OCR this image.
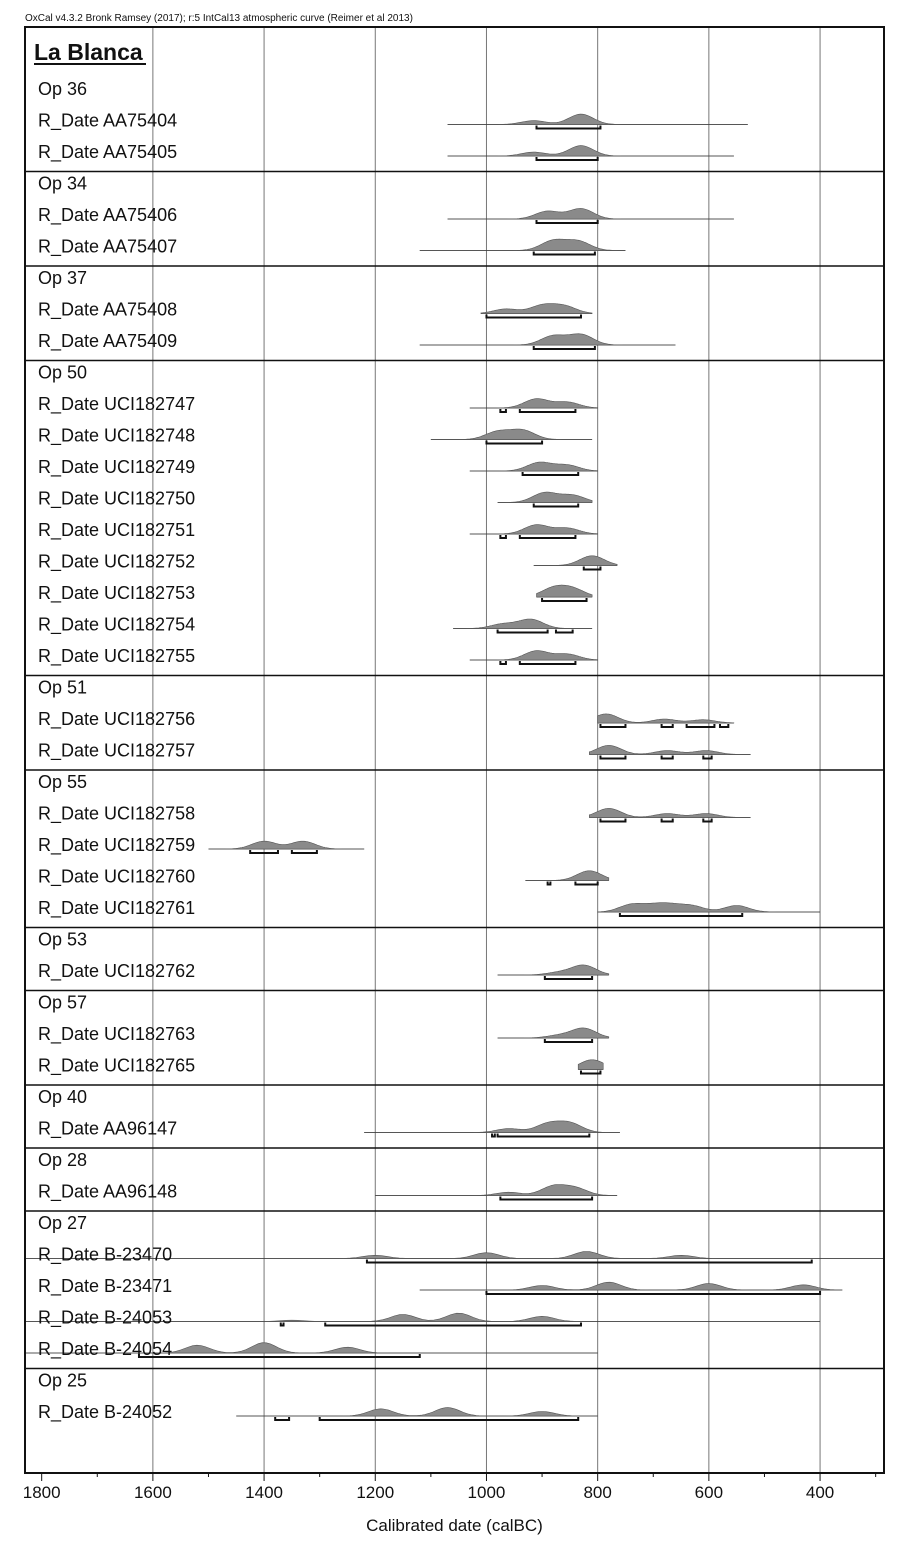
OxCal v4.3.2 Bronk Ramsey (2017); r:5 IntCal13 atmospheric curve (Reimer et al 2013)
La Blanca
Op 36
R_Date AA75404
R_Date AA75405
Op 34
R_Date AA75406
R_Date AA75407
Op 37
R_Date AA75408
R_Date AA75409
Op 50
R_Date UCI182747
R_Date UCI182748
R_Date UCI182749
R_Date UCI182750
R_Date UCI182751
R_Date UCI182752
R_Date UCI182753
R_Date UCI182754
R_Date UCI182755
Op 51
R_Date UCI182756
R_Date UCI182757
Op 55
R_Date UCI182758
R_Date UCI182759
R_Date UCI182760
R_Date UCI182761
Op 53
R_Date UCI182762
Op 57
R_Date UCI182763
R_Date UCI182765
Op 40
R_Date AA96147
Op 28
R_Date AA96148
Op 27
R_Date B-23470
R_Date B-23471
R_Date B-24053
R_Date B-24054
Op 25
R_Date B-24052
1800	1600	1400	1200	1000	800	600	400
Calibrated date (calBC)
